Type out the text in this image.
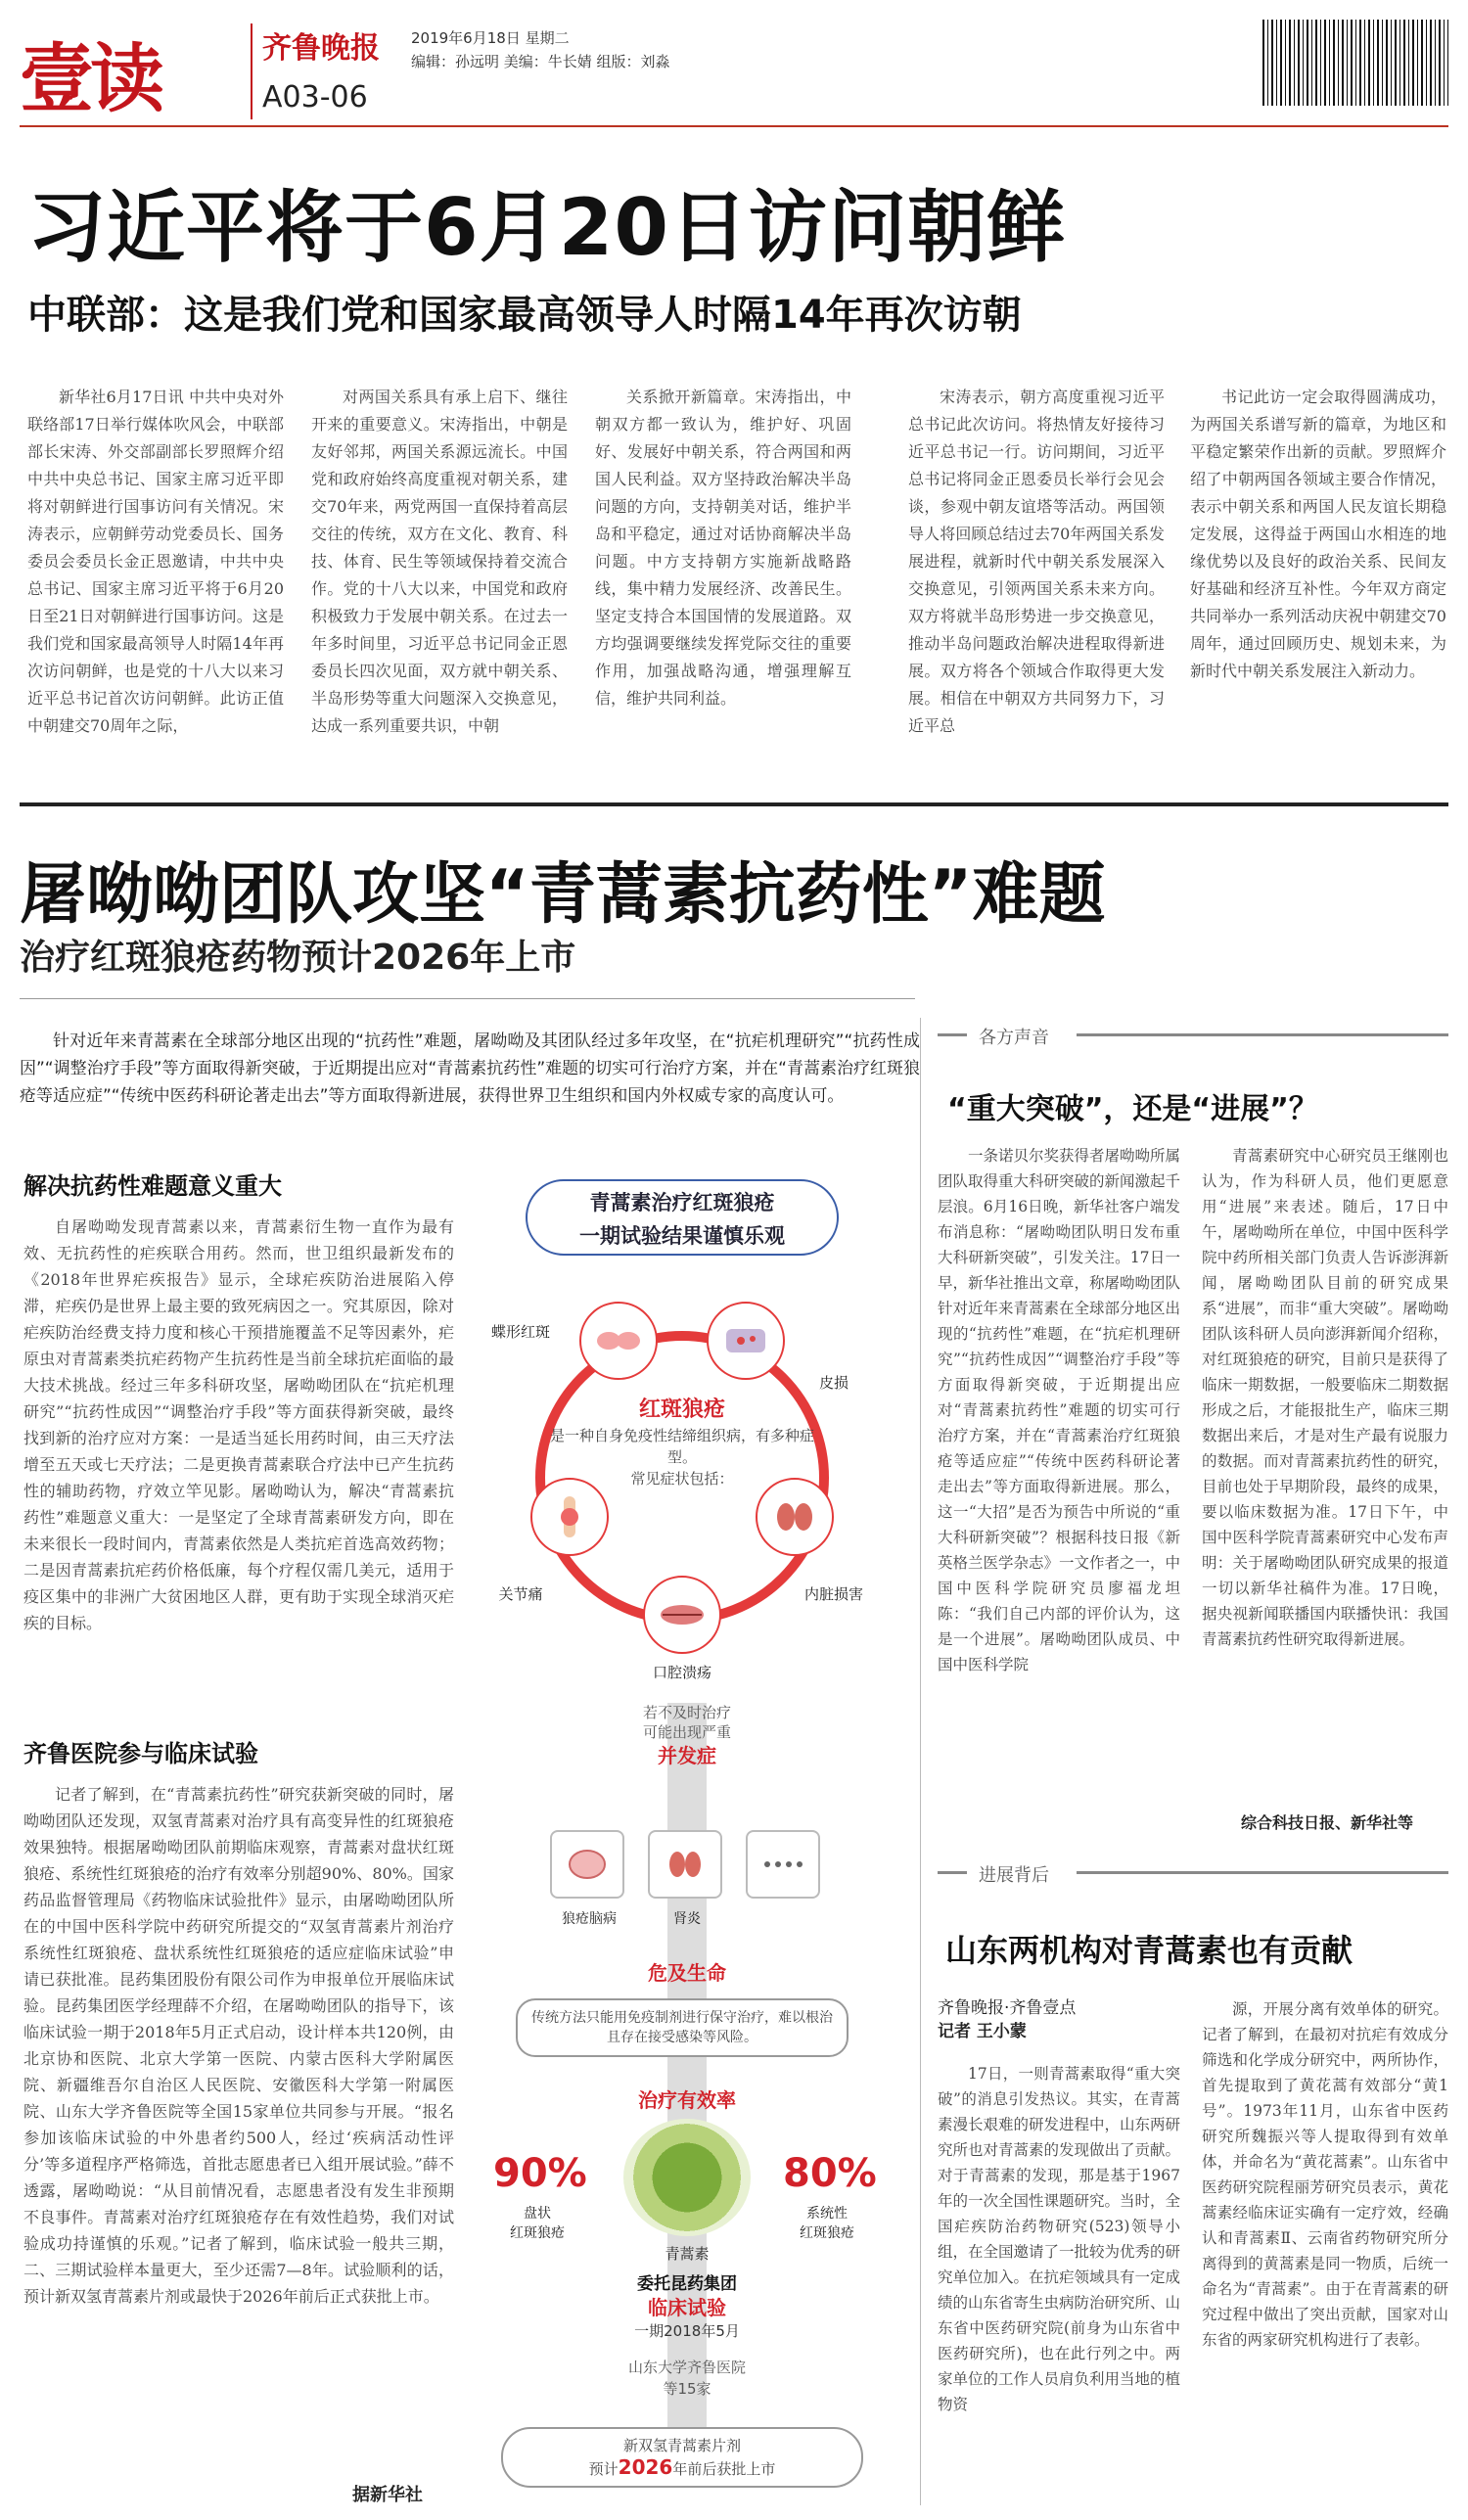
壹读	齐鲁晚报 2019年6月18日 星期二
编辑：孙远明 美编：牛长婧 组版：刘淼
A03-06
习近平将于6月20日访问朝鲜
中联部：这是我们党和国家最高领导人时隔14年再次访朝

新华社6月17日讯 中共中央对外联络部17日举行媒体吹风会，中联部部长宋涛、外交部副部长罗照辉介绍中共中央总书记、国家主席习近平即将对朝鲜进行国事访问有关情况。宋涛表示，应朝鲜劳动党委员长、国务委员会委员长金正恩邀请，中共中央总书记、国家主席习近平将于6月20日至21日对朝鲜进行国事访问。这是我们党和国家最高领导人时隔14年再次访问朝鲜，也是党的十八大以来习近平总书记首次访问朝鲜。此访正值中朝建交70周年之际，

对两国关系具有承上启下、继往开来的重要意义。宋涛指出，中朝是友好邻邦，两国关系源远流长。中国党和政府始终高度重视对朝关系，建交70年来，两党两国一直保持着高层交往的传统，双方在文化、教育、科技、体育、民生等领域保持着交流合作。党的十八大以来，中国党和政府积极致力于发展中朝关系。在过去一年多时间里，习近平总书记同金正恩委员长四次见面，双方就中朝关系、半岛形势等重大问题深入交换意见，达成一系列重要共识，中朝

关系掀开新篇章。宋涛指出，中朝双方都一致认为，维护好、巩固好、发展好中朝关系，符合两国和两国人民利益。双方坚持政治解决半岛问题的方向，支持朝美对话，维护半岛和平稳定，通过对话协商解决半岛问题。中方支持朝方实施新战略路线，集中精力发展经济、改善民生。坚定支持合本国国情的发展道路。双方均强调要继续发挥党际交往的重要作用，加强战略沟通，增强理解互信，维护共同利益。

宋涛表示，朝方高度重视习近平总书记此次访问。将热情友好接待习近平总书记一行。访问期间，习近平总书记将同金正恩委员长举行会见会谈，参观中朝友谊塔等活动。两国领导人将回顾总结过去70年两国关系发展进程，就新时代中朝关系发展深入交换意见，引领两国关系未来方向。双方将就半岛形势进一步交换意见，推动半岛问题政治解决进程取得新进展。双方将各个领域合作取得更大发展。相信在中朝双方共同努力下，习近平总

书记此访一定会取得圆满成功，为两国关系谱写新的篇章，为地区和平稳定繁荣作出新的贡献。罗照辉介绍了中朝两国各领域主要合作情况，表示中朝关系和两国人民友谊长期稳定发展，这得益于两国山水相连的地缘优势以及良好的政治关系、民间友好基础和经济互补性。今年双方商定共同举办一系列活动庆祝中朝建交70周年，通过回顾历史、规划未来，为新时代中朝关系发展注入新动力。

屠呦呦团队攻坚“青蒿素抗药性”难题
治疗红斑狼疮药物预计2026年上市

针对近年来青蒿素在全球部分地区出现的“抗药性”难题，屠呦呦及其团队经过多年攻坚，在“抗疟机理研究”“抗药性成因”“调整治疗手段”等方面取得新突破，于近期提出应对“青蒿素抗药性”难题的切实可行治疗方案，并在“青蒿素治疗红斑狼疮等适应症”“传统中医药科研论著走出去”等方面取得新进展，获得世界卫生组织和国内外权威专家的高度认可。

解决抗药性难题意义重大

自屠呦呦发现青蒿素以来，青蒿素衍生物一直作为最有效、无抗药性的疟疾联合用药。然而，世卫组织最新发布的《2018年世界疟疾报告》显示，全球疟疾防治进展陷入停滞，疟疾仍是世界上最主要的致死病因之一。究其原因，除对疟疾防治经费支持力度和核心干预措施覆盖不足等因素外，疟原虫对青蒿素类抗疟药物产生抗药性是当前全球抗疟面临的最大技术挑战。经过三年多科研攻坚，屠呦呦团队在“抗疟机理研究”“抗药性成因”“调整治疗手段”等方面获得新突破，最终找到新的治疗应对方案：一是适当延长用药时间，由三天疗法增至五天或七天疗法；二是更换青蒿素联合疗法中已产生抗药性的辅助药物，疗效立竿见影。屠呦呦认为，解决“青蒿素抗药性”难题意义重大：一是坚定了全球青蒿素研发方向，即在未来很长一段时间内，青蒿素依然是人类抗疟首选高效药物；二是因青蒿素抗疟药价格低廉，每个疗程仅需几美元，适用于疫区集中的非洲广大贫困地区人群，更有助于实现全球消灭疟疾的目标。

齐鲁医院参与临床试验

记者了解到，在“青蒿素抗药性”研究获新突破的同时，屠呦呦团队还发现，双氢青蒿素对治疗具有高变异性的红斑狼疮效果独特。根据屠呦呦团队前期临床观察，青蒿素对盘状红斑狼疮、系统性红斑狼疮的治疗有效率分别超90%、80%。国家药品监督管理局《药物临床试验批件》显示，由屠呦呦团队所在的中国中医科学院中药研究所提交的“双氢青蒿素片剂治疗系统性红斑狼疮、盘状系统性红斑狼疮的适应症临床试验”申请已获批准。昆药集团股份有限公司作为申报单位开展临床试验。昆药集团医学经理薛不介绍，在屠呦呦团队的指导下，该临床试验一期于2018年5月正式启动，设计样本共120例，由北京协和医院、北京大学第一医院、内蒙古医科大学附属医院、新疆维吾尔自治区人民医院、安徽医科大学第一附属医院、山东大学齐鲁医院等全国15家单位共同参与开展。“报名参加该临床试验的中外患者约500人，经过‘疾病活动性评分’等多道程序严格筛选，首批志愿患者已入组开展试验。”薛不透露，屠呦呦说：“从目前情况看，志愿患者没有发生非预期不良事件。青蒿素对治疗红斑狼疮存在有效性趋势，我们对试验成功持谨慎的乐观。”记者了解到，临床试验一般共三期，二、三期试验样本量更大，至少还需7—8年。试验顺利的话，预计新双氢青蒿素片剂或最快于2026年前后正式获批上市。

据新华社
青蒿素治疗红斑狼疮
一期试验结果谨慎乐观
红斑狼疮
是一种自身免疫性结缔组织病，有多种症型。
常见症状包括：
蝶形红斑
皮损
关节痛	内脏损害
口腔溃疡
若不及时治疗
可能出现严重
并发症
狼疮脑病	肾炎
危及生命
传统方法只能用免疫制剂进行保守治疗，难以根治且存在接受感染等风险。
治疗有效率
青蒿素
90%
盘状
红斑狼疮
80%
系统性
红斑狼疮
委托昆药集团
临床试验
一期2018年5月
山东大学齐鲁医院
等15家
新双氢青蒿素片剂
预计2026年前后获批上市
各方声音
“重大突破”，还是“进展”？

一条诺贝尔奖获得者屠呦呦所属团队取得重大科研突破的新闻激起千层浪。6月16日晚，新华社客户端发布消息称：“屠呦呦团队明日发布重大科研新突破”，引发关注。17日一早，新华社推出文章，称屠呦呦团队针对近年来青蒿素在全球部分地区出现的“抗药性”难题，在“抗疟机理研究”“抗药性成因”“调整治疗手段”等方面取得新突破，于近期提出应对“青蒿素抗药性”难题的切实可行治疗方案，并在“青蒿素治疗红斑狼疮等适应症”“传统中医药科研论著走出去”等方面取得新进展。那么，这一“大招”是否为预告中所说的“重大科研新突破”？根据科技日报《新英格兰医学杂志》一文作者之一，中国中医科学院研究员廖福龙坦陈：“我们自己内部的评价认为，这是一个进展”。屠呦呦团队成员、中国中医科学院

青蒿素研究中心研究员王继刚也认为，作为科研人员，他们更愿意用“进展”来表述。随后，17日中午，屠呦呦所在单位，中国中医科学院中药所相关部门负责人告诉澎湃新闻，屠呦呦团队目前的研究成果系“进展”，而非“重大突破”。屠呦呦团队该科研人员向澎湃新闻介绍称，对红斑狼疮的研究，目前只是获得了临床一期数据，一般要临床二期数据形成之后，才能报批生产，临床三期数据出来后，才是对生产最有说服力的数据。而对青蒿素抗药性的研究，目前也处于早期阶段，最终的成果，要以临床数据为准。17日下午，中国中医科学院青蒿素研究中心发布声明：关于屠呦呦团队研究成果的报道一切以新华社稿件为准。17日晚，据央视新闻联播国内联播快讯：我国青蒿素抗药性研究取得新进展。

综合科技日报、新华社等
进展背后
山东两机构对青蒿素也有贡献
齐鲁晚报·齐鲁壹点
记者 王小蒙

17日，一则青蒿素取得“重大突破”的消息引发热议。其实，在青蒿素漫长艰难的研发进程中，山东两研究所也对青蒿素的发现做出了贡献。对于青蒿素的发现，那是基于1967年的一次全国性课题研究。当时，全国疟疾防治药物研究(523)领导小组，在全国邀请了一批较为优秀的研究单位加入。在抗疟领域具有一定成绩的山东省寄生虫病防治研究所、山东省中医药研究院(前身为山东省中医药研究所)，也在此行列之中。两家单位的工作人员肩负利用当地的植物资

源，开展分离有效单体的研究。记者了解到，在最初对抗疟有效成分筛选和化学成分研究中，两所协作，首先提取到了黄花蒿有效部分“黄1号”。1973年11月，山东省中医药研究所魏振兴等人提取得到有效单体，并命名为“黄花蒿素”。山东省中医药研究院程丽芳研究员表示，黄花蒿素经临床证实确有一定疗效，经确认和青蒿素Ⅱ、云南省药物研究所分离得到的黄蒿素是同一物质，后统一命名为“青蒿素”。由于在青蒿素的研究过程中做出了突出贡献，国家对山东省的两家研究机构进行了表彰。
